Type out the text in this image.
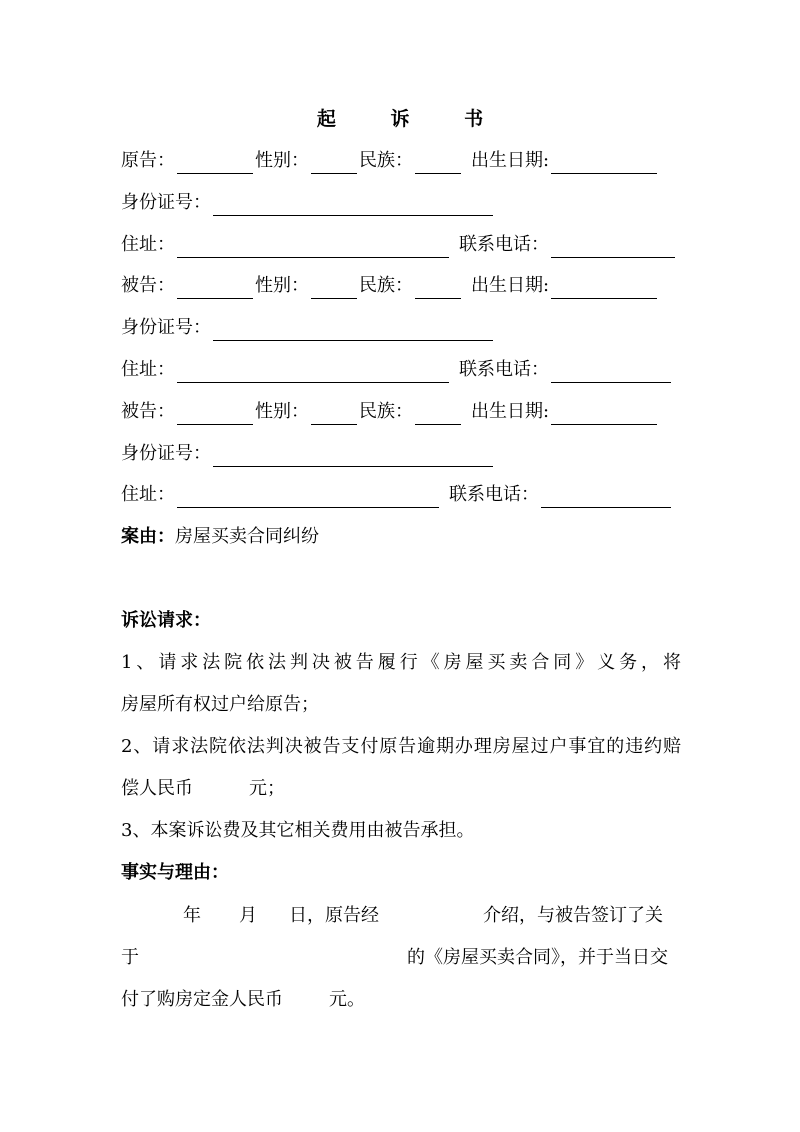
起 诉 书
原告：	性别：	民族：	出生日期:
身份证号：
住址：	联系电话：
被告：	性别：	民族：	出生日期:
身份证号：
住址：	联系电话：
被告：	性别：	民族：	出生日期:
身份证号：
住址：	联系电话：
案由：房屋买卖合同纠纷
诉讼请求：
1、请求法院依法判决被告履行《房屋买卖合同》义务，将
房屋所有权过户给原告；
2、请求法院依法判决被告支付原告逾期办理房屋过户事宜的违约赔
偿人民币	元；
3、本案诉讼费及其它相关费用由被告承担。
事实与理由：
年 月 日，原告经	介绍，与被告签订了关
于	的《房屋买卖合同》，并于当日交
付了购房定金人民币	元。
